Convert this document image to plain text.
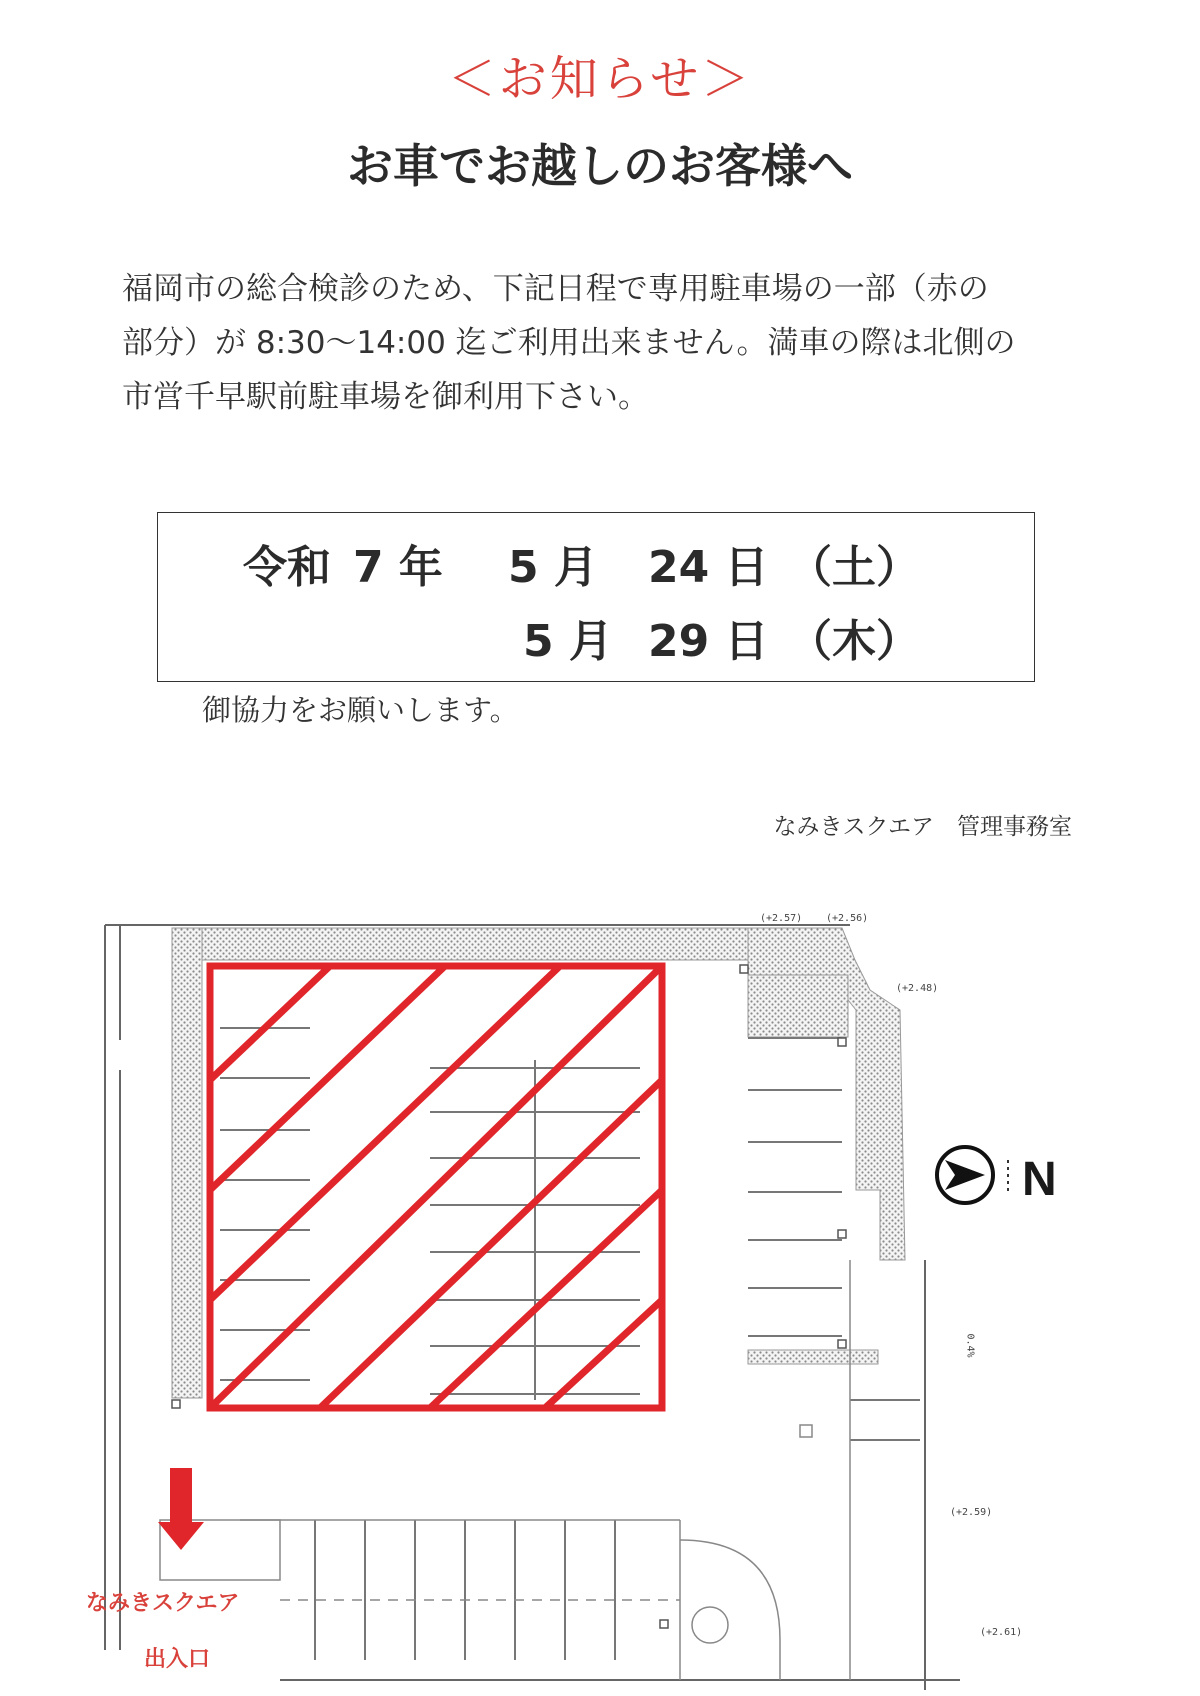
＜お知らせ＞
お車でお越しのお客様へ
福岡市の総合検診のため、下記日程で専用駐車場の一部（赤の
部分）が 8:30～14:00 迄ご利用出来ません。満車の際は北側の
市営千早駅前駐車場を御利用下さい。
令和 7 年 5 月 24 日 （土）
5 月 29 日 （木）
御協力をお願いします。
なみきスクエア　管理事務室
N
なみきスクエア
出入口
(+2.57) (+2.56)
(+2.48)
(+2.59)
(+2.61)
0.4%
